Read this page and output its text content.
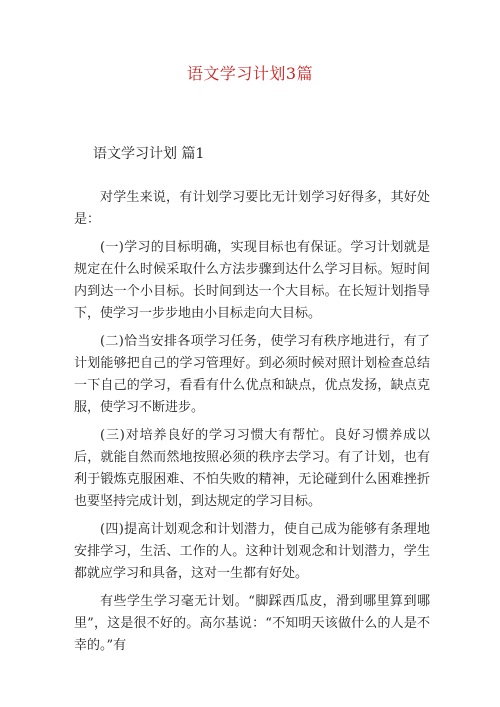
语文学习计划3篇
语文学习计划 篇1

对学生来说，有计划学习要比无计划学习好得多，其好处是：

(一)学习的目标明确，实现目标也有保证。学习计划就是规定在什么时候采取什么方法步骤到达什么学习目标。短时间内到达一个小目标。长时间到达一个大目标。在长短计划指导下，使学习一步步地由小目标走向大目标。

(二)恰当安排各项学习任务，使学习有秩序地进行，有了计划能够把自己的学习管理好。到必须时候对照计划检查总结一下自己的学习，看看有什么优点和缺点，优点发扬，缺点克服，使学习不断进步。

(三)对培养良好的学习习惯大有帮忙。良好习惯养成以后，就能自然而然地按照必须的秩序去学习。有了计划，也有利于锻炼克服困难、不怕失败的精神，无论碰到什么困难挫折也要坚持完成计划，到达规定的学习目标。

(四)提高计划观念和计划潜力，使自己成为能够有条理地安排学习，生活、工作的人。这种计划观念和计划潜力，学生都就应学习和具备，这对一生都有好处。

有些学生学习毫无计划。“脚踩西瓜皮，滑到哪里算到哪里”，这是很不好的。高尔基说：“不知明天该做什么的人是不幸的。”有
